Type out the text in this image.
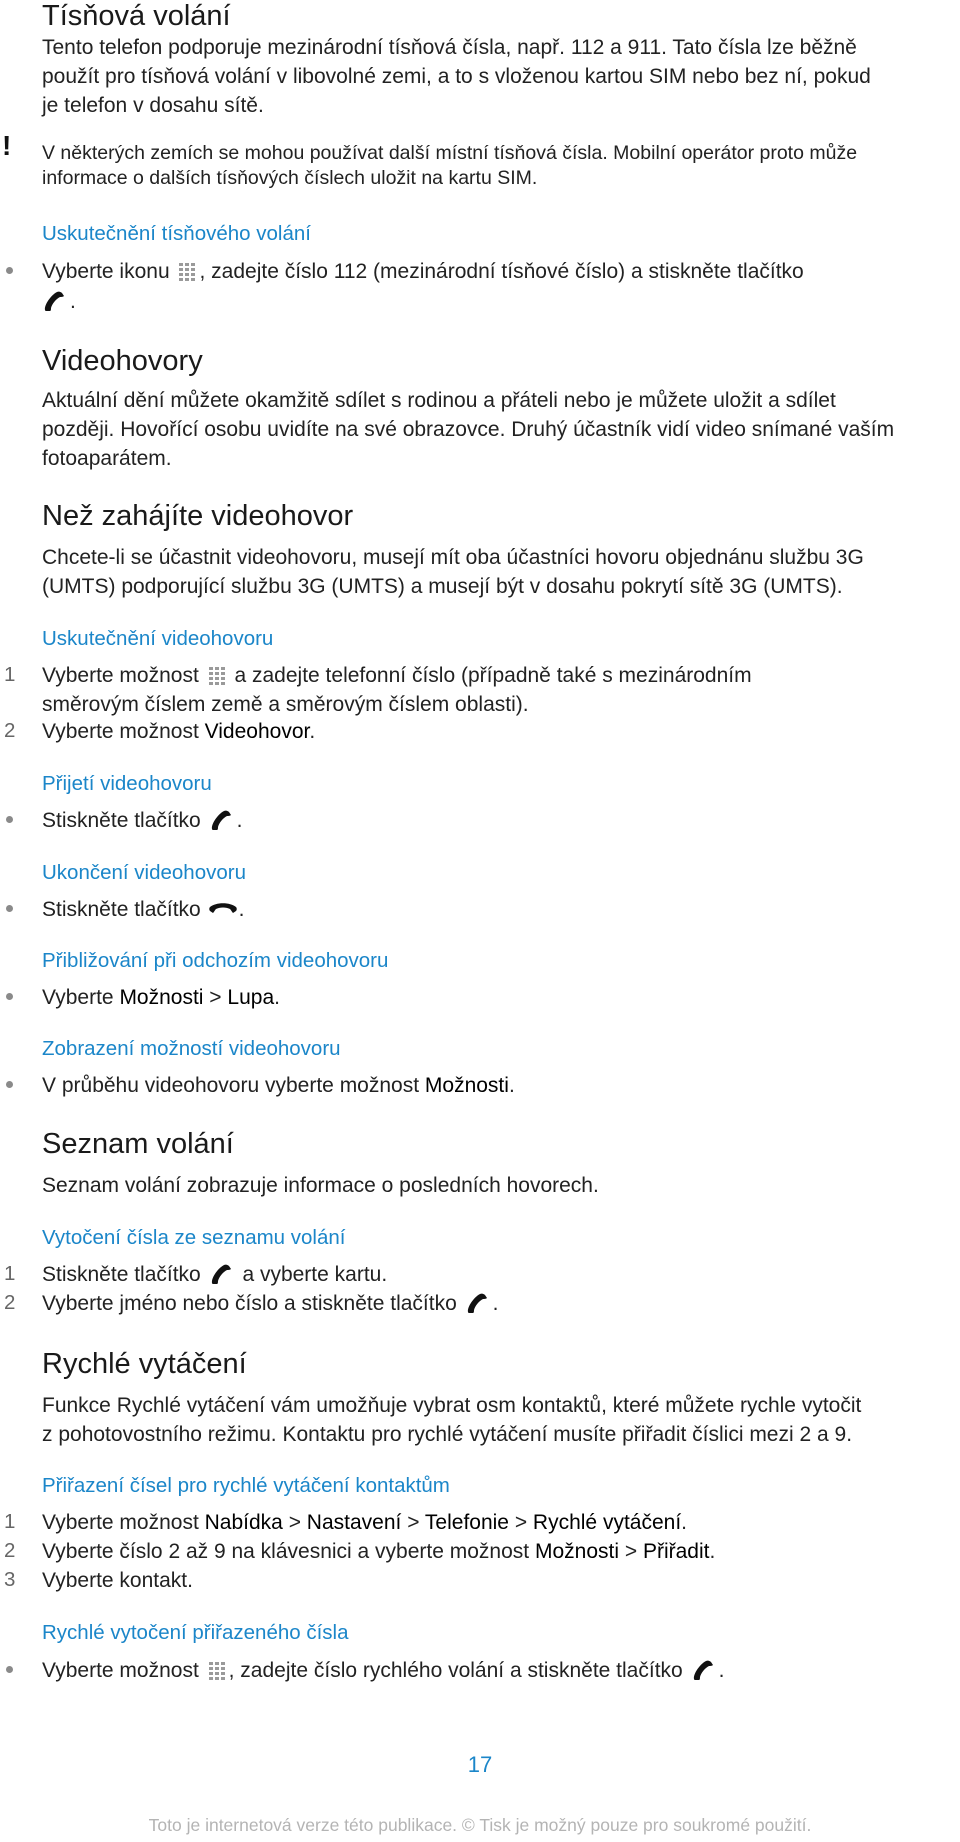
Tísňová volání
Tento telefon podporuje mezinárodní tísňová čísla, např. 112 a 911. Tato čísla lze běžně
použít pro tísňová volání v libovolné zemi, a to s vloženou kartou SIM nebo bez ní, pokud
je telefon v dosahu sítě.
! V některých zemích se mohou používat další místní tísňová čísla. Mobilní operátor proto může
informace o dalších tísňových číslech uložit na kartu SIM.
Uskutečnění tísňového volání
Vyberte ikonu , zadejte číslo 112 (mezinárodní tísňové číslo) a stiskněte tlačítko
.
Videohovory
Aktuální dění můžete okamžitě sdílet s rodinou a přáteli nebo je můžete uložit a sdílet
později. Hovořící osobu uvidíte na své obrazovce. Druhý účastník vidí video snímané vaším
fotoaparátem.
Než zahájíte videohovor
Chcete-li se účastnit videohovoru, musejí mít oba účastníci hovoru objednánu službu 3G
(UMTS) podporující službu 3G (UMTS) a musejí být v dosahu pokrytí sítě 3G (UMTS).
Uskutečnění videohovoru
1 Vyberte možnost a zadejte telefonní číslo (případně také s mezinárodním
směrovým číslem země a směrovým číslem oblasti).
2 Vyberte možnost Videohovor.
Přijetí videohovoru
Stiskněte tlačítko .
Ukončení videohovoru
Stiskněte tlačítko .
Přibližování při odchozím videohovoru
Vyberte Možnosti > Lupa.
Zobrazení možností videohovoru
V průběhu videohovoru vyberte možnost Možnosti.
Seznam volání
Seznam volání zobrazuje informace o posledních hovorech.
Vytočení čísla ze seznamu volání
1 Stiskněte tlačítko a vyberte kartu.
2 Vyberte jméno nebo číslo a stiskněte tlačítko .
Rychlé vytáčení
Funkce Rychlé vytáčení vám umožňuje vybrat osm kontaktů, které můžete rychle vytočit
z pohotovostního režimu. Kontaktu pro rychlé vytáčení musíte přiřadit číslici mezi 2 a 9.
Přiřazení čísel pro rychlé vytáčení kontaktům
1 Vyberte možnost Nabídka > Nastavení > Telefonie > Rychlé vytáčení.
2 Vyberte číslo 2 až 9 na klávesnici a vyberte možnost Možnosti > Přiřadit.
3 Vyberte kontakt.
Rychlé vytočení přiřazeného čísla
Vyberte možnost , zadejte číslo rychlého volání a stiskněte tlačítko .
17
Toto je internetová verze této publikace. © Tisk je možný pouze pro soukromé použití.
